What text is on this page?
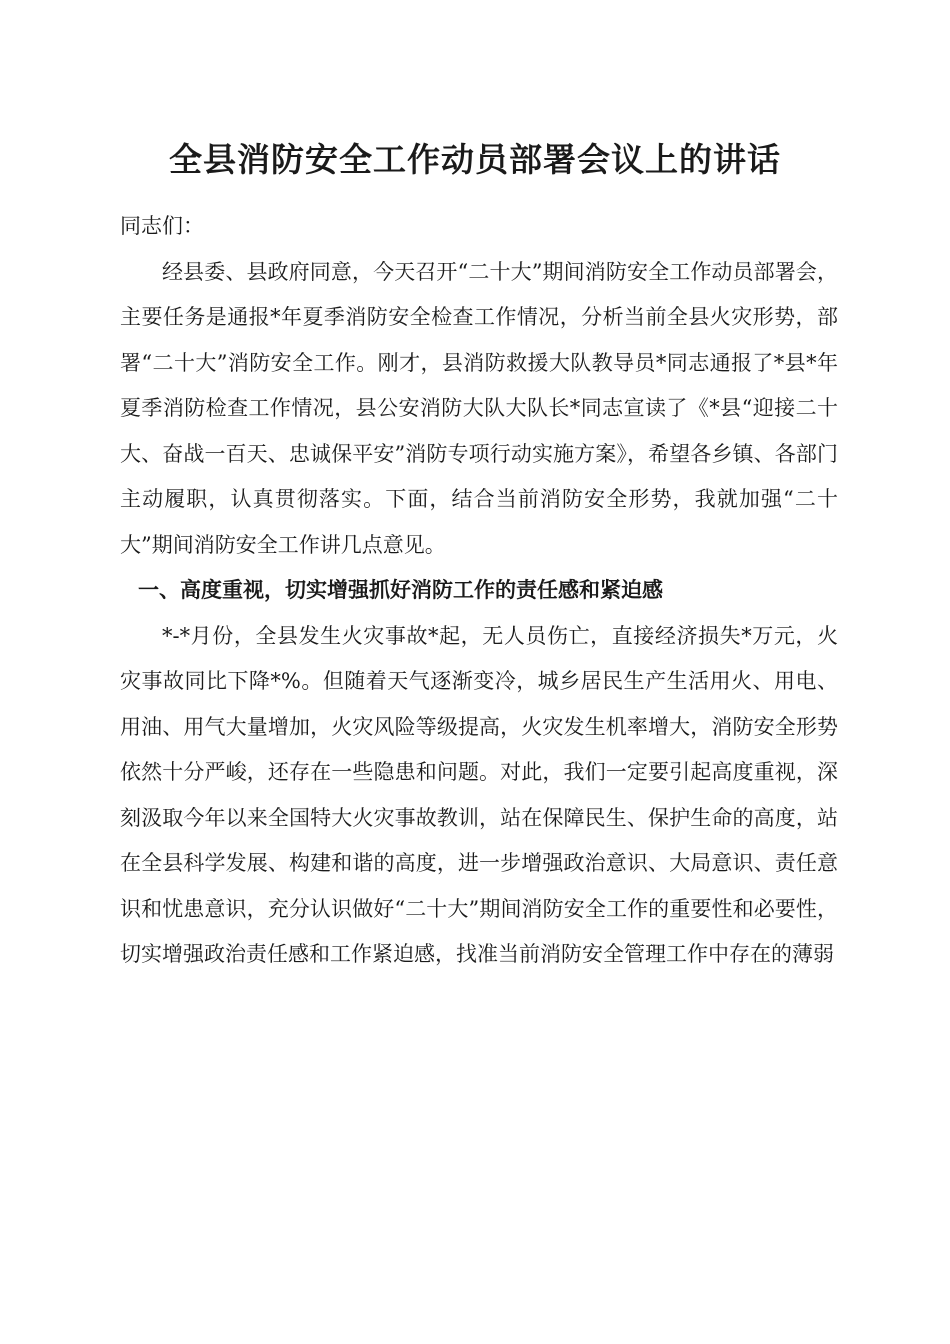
全县消防安全工作动员部署会议上的讲话

同志们：

经县委、县政府同意，今天召开“二十大”期间消防安全工作动员部署会，主要任务是通报*年夏季消防安全检查工作情况，分析当前全县火灾形势，部署“二十大”消防安全工作。刚才，县消防救援大队教导员*同志通报了*县*年夏季消防检查工作情况，县公安消防大队大队长*同志宣读了《*县“迎接二十大、奋战一百天、忠诚保平安”消防专项行动实施方案》，希望各乡镇、各部门主动履职，认真贯彻落实。下面，结合当前消防安全形势，我就加强“二十大”期间消防安全工作讲几点意见。

一、高度重视，切实增强抓好消防工作的责任感和紧迫感

*-*月份，全县发生火灾事故*起，无人员伤亡，直接经济损失*万元，火灾事故同比下降*%。但随着天气逐渐变冷，城乡居民生产生活用火、用电、用油、用气大量增加，火灾风险等级提高，火灾发生机率增大，消防安全形势依然十分严峻，还存在一些隐患和问题。对此，我们一定要引起高度重视，深刻汲取今年以来全国特大火灾事故教训，站在保障民生、保护生命的高度，站在全县科学发展、构建和谐的高度，进一步增强政治意识、大局意识、责任意识和忧患意识，充分认识做好“二十大”期间消防安全工作的重要性和必要性，切实增强政治责任感和工作紧迫感，找准当前消防安全管理工作中存在的薄弱
